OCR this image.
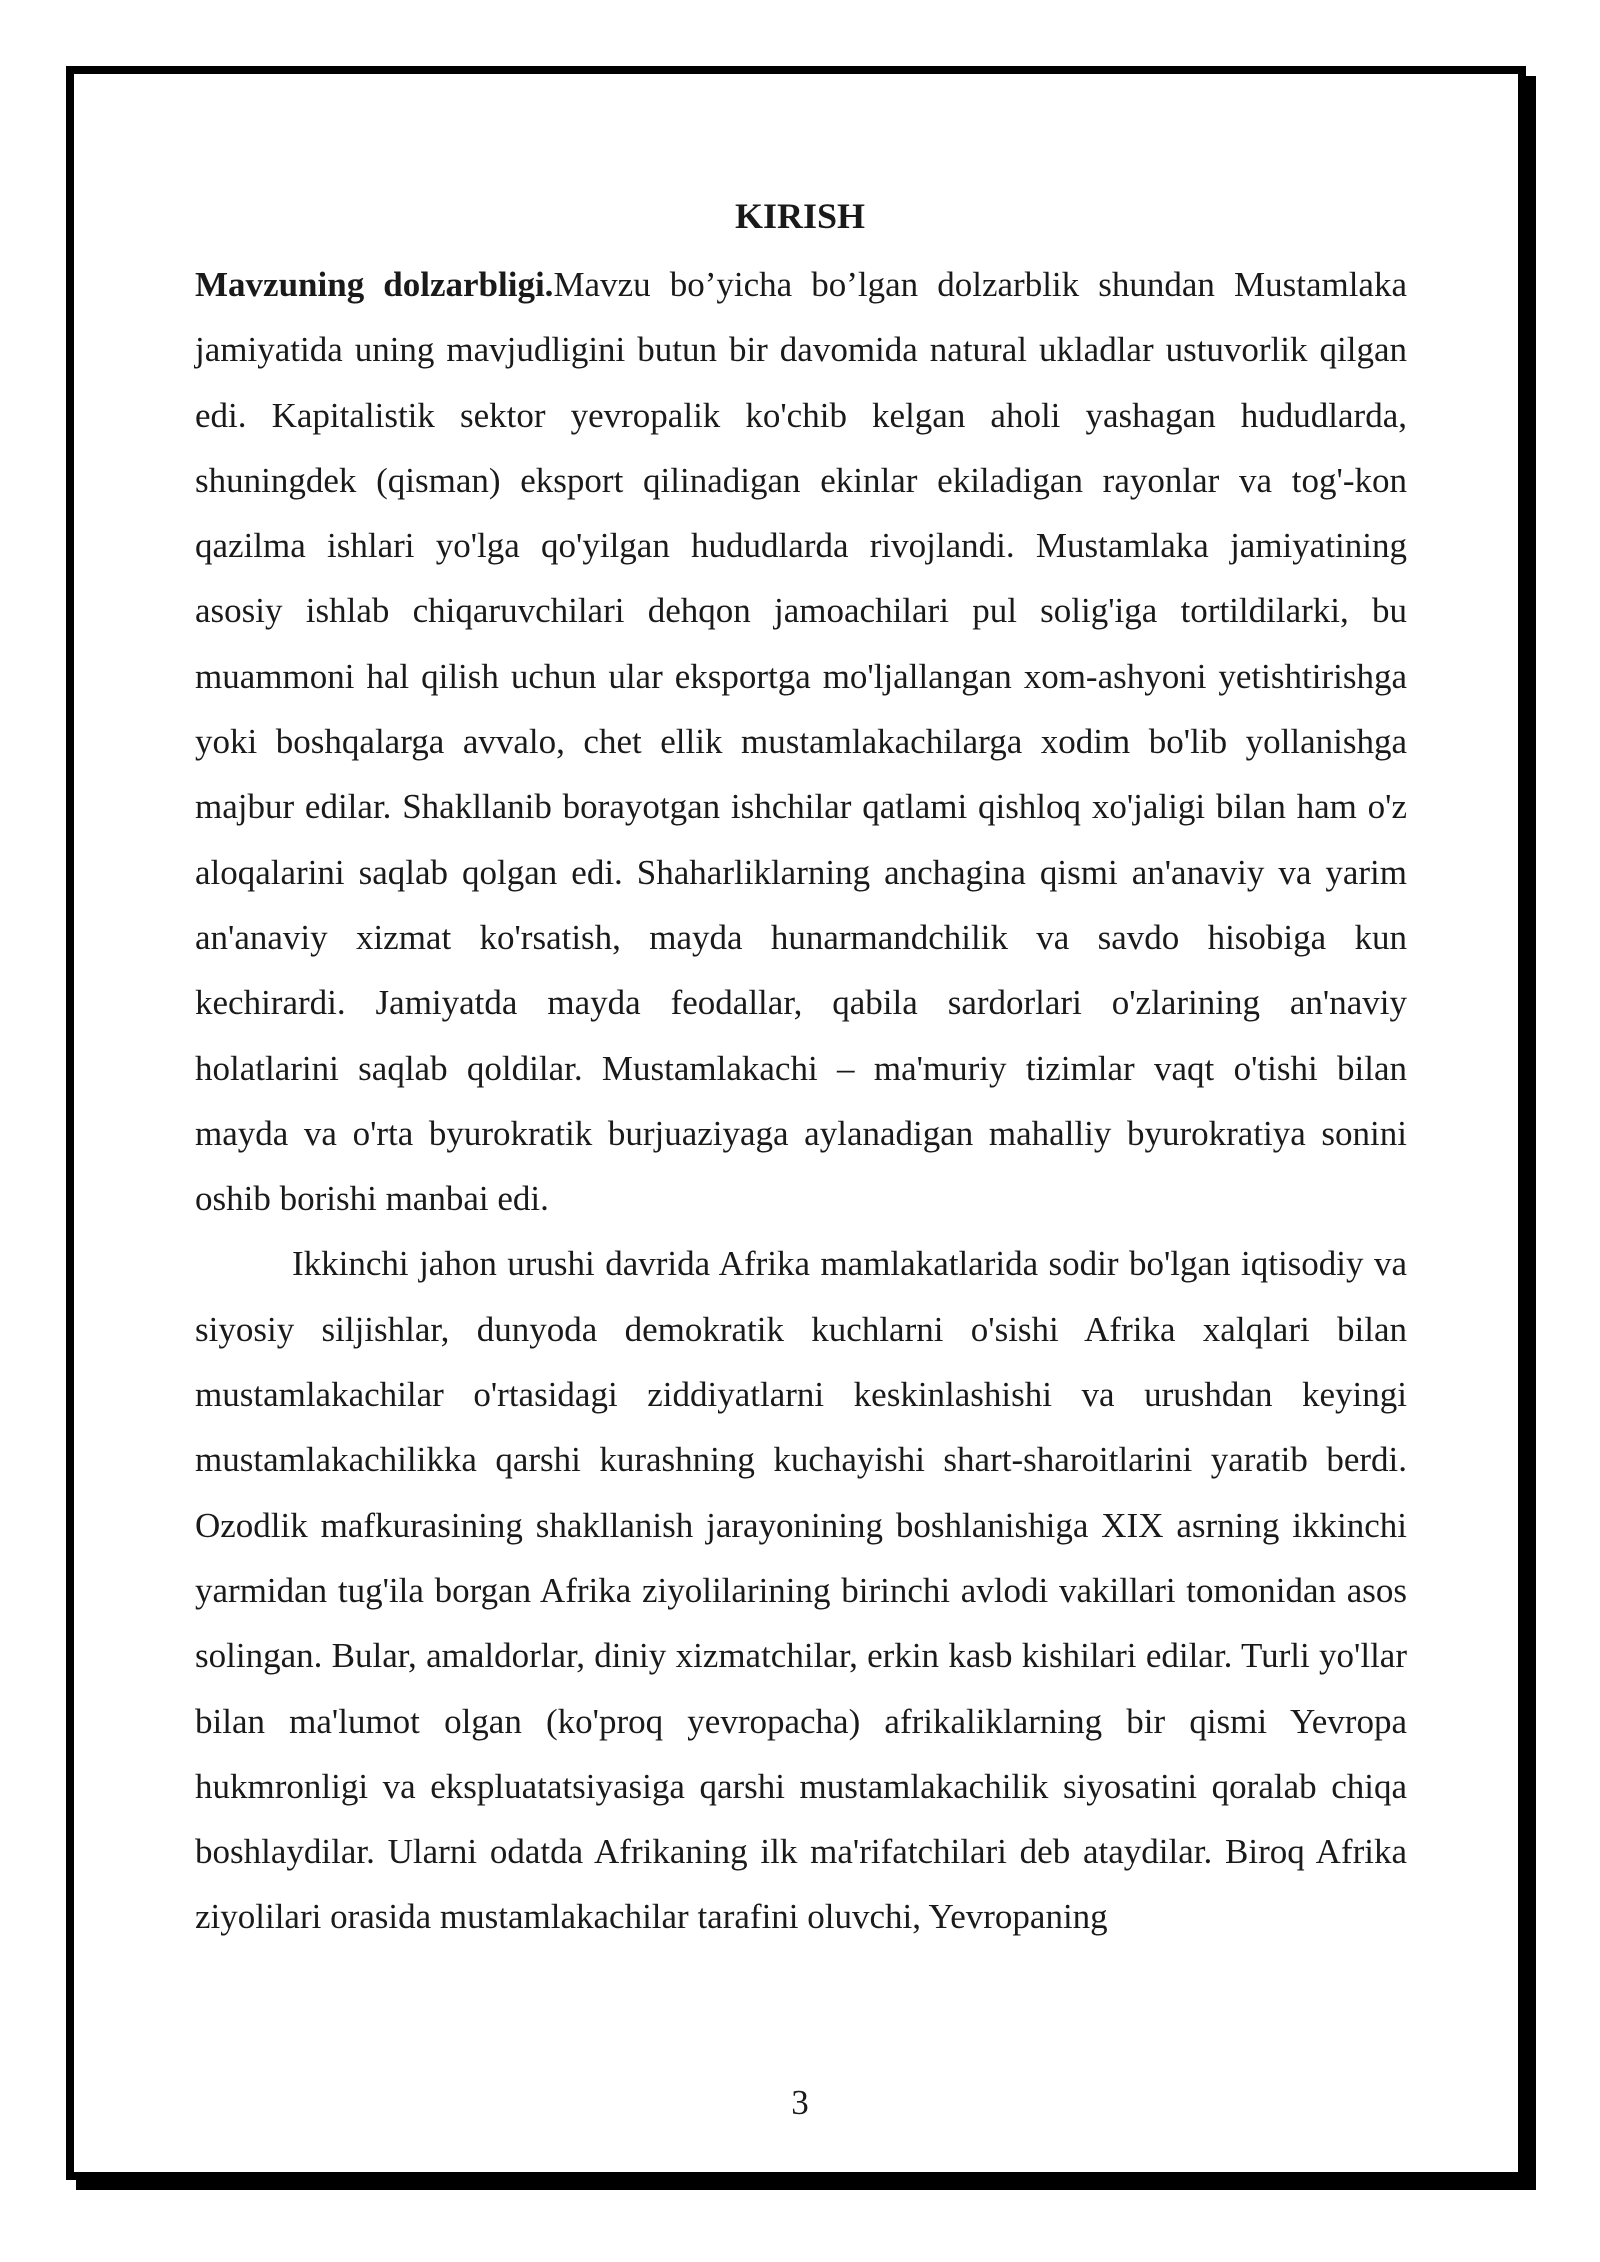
KIRISH

Mavzuning dolzarbligi.Mavzu bo’yicha bo’lgan dolzarblik shundan Mustamlaka jamiyatida uning mavjudligini butun bir davomida natural ukladlar ustuvorlik qilgan edi. Kapitalistik sektor yevropalik ko'chib kelgan aholi yashagan hududlarda, shuningdek (qisman) eksport qilinadigan ekinlar ekiladigan rayonlar va tog'-kon qazilma ishlari yo'lga qo'yilgan hududlarda rivojlandi. Mustamlaka jamiyatining asosiy ishlab chiqaruvchilari dehqon jamoachilari pul solig'iga tortildilarki, bu muammoni hal qilish uchun ular eksportga mo'ljallangan xom-ashyoni yetishtirishga yoki boshqalarga avvalo, chet ellik mustamlakachilarga xodim bo'lib yollanishga majbur edilar. Shakllanib borayotgan ishchilar qatlami qishloq xo'jaligi bilan ham o'z aloqalarini saqlab qolgan edi. Shaharliklarning anchagina qismi an'anaviy va yarim an'anaviy xizmat ko'rsatish, mayda hunarmandchilik va savdo hisobiga kun kechirardi. Jamiyatda mayda feodallar, qabila sardorlari o'zlarining an'naviy holatlarini saqlab qoldilar. Mustamlakachi – ma'muriy tizimlar vaqt o'tishi bilan mayda va o'rta byurokratik burjuaziyaga aylanadigan mahalliy byurokratiya sonini oshib borishi manbai edi.

Ikkinchi jahon urushi davrida Afrika mamlakatlarida sodir bo'lgan iqtisodiy va siyosiy siljishlar, dunyoda demokratik kuchlarni o'sishi Afrika xalqlari bilan mustamlakachilar o'rtasidagi ziddiyatlarni keskinlashishi va urushdan keyingi mustamlakachilikka qarshi kurashning kuchayishi shart-sharoitlarini yaratib berdi. Ozodlik mafkurasining shakllanish jarayonining boshlanishiga XIX asrning ikkinchi yarmidan tug'ila borgan Afrika ziyolilarining birinchi avlodi vakillari tomonidan asos solingan. Bular, amaldorlar, diniy xizmatchilar, erkin kasb kishilari edilar. Turli yo'llar bilan ma'lumot olgan (ko'proq yevropacha) afrikaliklarning bir qismi Yevropa hukmronligi va ekspluatatsiyasiga qarshi mustamlakachilik siyosatini qoralab chiqa boshlaydilar. Ularni odatda Afrikaning ilk ma'rifatchilari deb ataydilar. Biroq Afrika ziyolilari orasida mustamlakachilar tarafini oluvchi, Yevropaning

3
